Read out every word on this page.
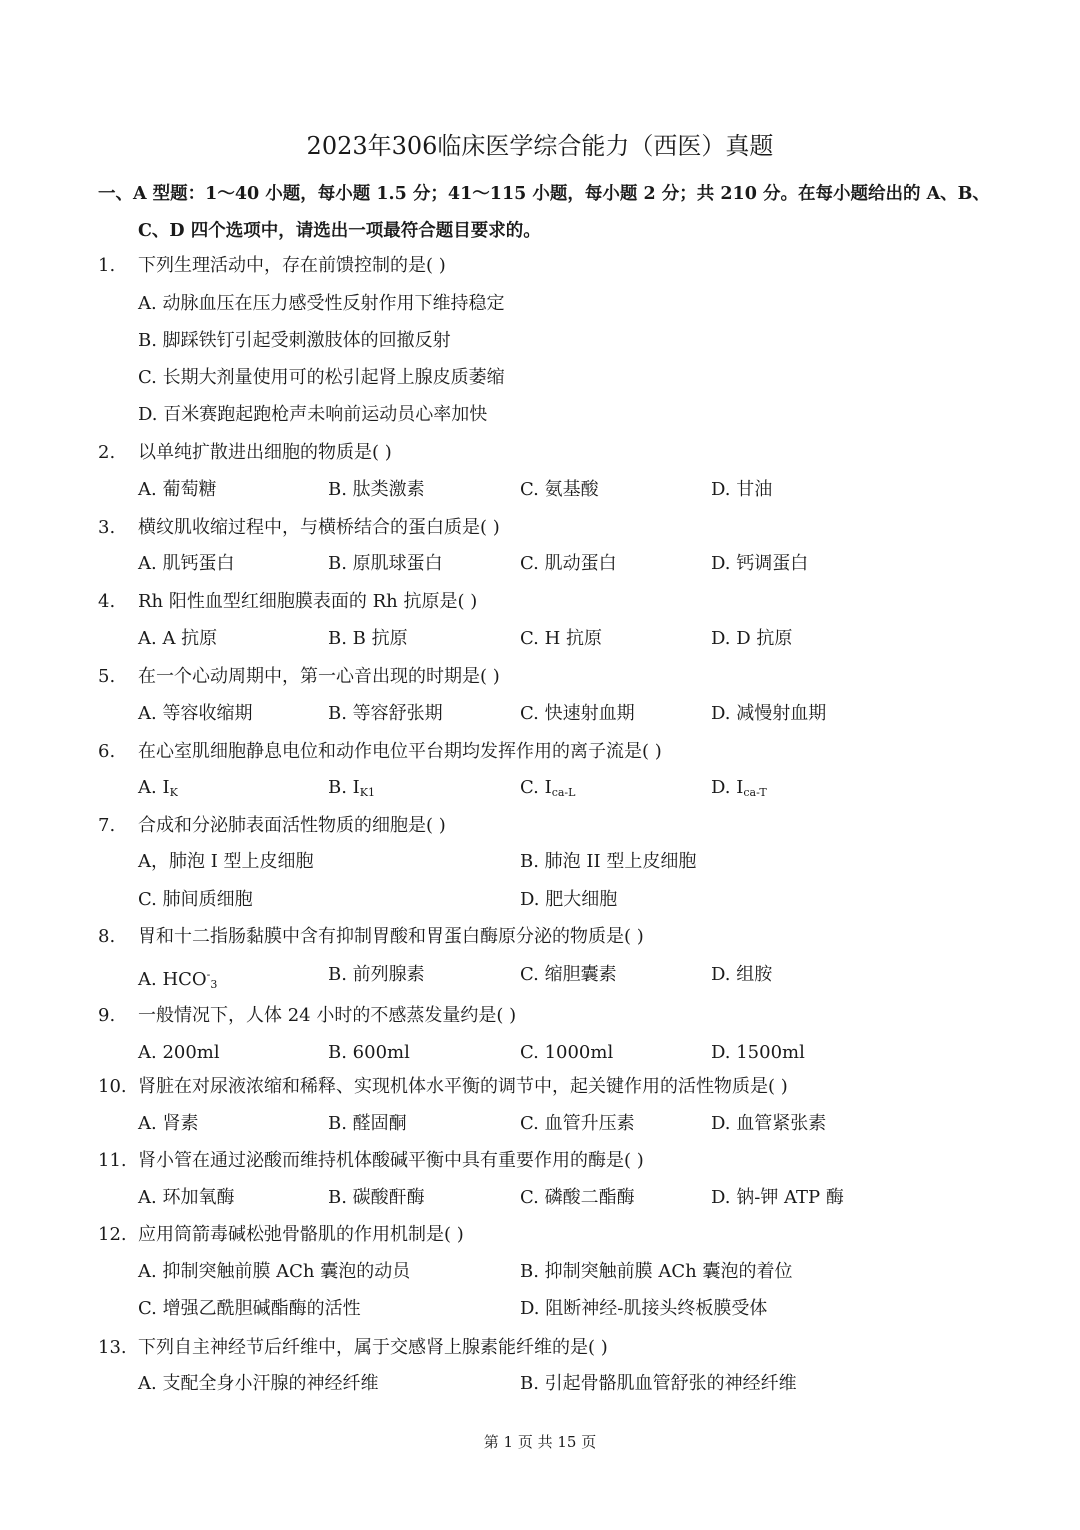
2023年306临床医学综合能力（西医）真题
一、A 型题：1～40 小题，每小题 1.5 分；41～115 小题，每小题 2 分；共 210 分。在每小题给出的 A、B、
C、D 四个选项中，请选出一项最符合题目要求的。
1.	下列生理活动中，存在前馈控制的是( )
A. 动脉血压在压力感受性反射作用下维持稳定
B. 脚踩铁钉引起受刺激肢体的回撤反射
C. 长期大剂量使用可的松引起肾上腺皮质萎缩
D. 百米赛跑起跑枪声未响前运动员心率加快
2.	以单纯扩散进出细胞的物质是( )
A. 葡萄糖	B. 肽类激素	C. 氨基酸	D. 甘油
3.	横纹肌收缩过程中，与横桥结合的蛋白质是( )
A. 肌钙蛋白	B. 原肌球蛋白	C. 肌动蛋白	D. 钙调蛋白
4.	Rh 阳性血型红细胞膜表面的 Rh 抗原是( )
A. A 抗原	B. B 抗原	C. H 抗原	D. D 抗原
5.	在一个心动周期中，第一心音出现的时期是( )
A. 等容收缩期	B. 等容舒张期	C. 快速射血期	D. 减慢射血期
6.	在心室肌细胞静息电位和动作电位平台期均发挥作用的离子流是( )
A. $I_K$	B. $I_{K1}$	C. $I_{ca-L}$	D. $I_{ca-T}$
7.	合成和分泌肺表面活性物质的细胞是( )
A，肺泡 I 型上皮细胞	B. 肺泡 II 型上皮细胞
C. 肺间质细胞	D. 肥大细胞
8.	胃和十二指肠黏膜中含有抑制胃酸和胃蛋白酶原分泌的物质是( )
A. $HCO^-_3$	B. 前列腺素	C. 缩胆囊素	D. 组胺
9.	一般情况下，人体 24 小时的不感蒸发量约是( )
A. 200ml	B. 600ml	C. 1000ml	D. 1500ml
10. 肾脏在对尿液浓缩和稀释、实现机体水平衡的调节中，起关键作用的活性物质是( )
A. 肾素	B. 醛固酮	C. 血管升压素	D. 血管紧张素
11. 肾小管在通过泌酸而维持机体酸碱平衡中具有重要作用的酶是( )
A. 环加氧酶	B. 碳酸酐酶	C. 磷酸二酯酶	D. 钠-钾 ATP 酶
12. 应用筒箭毒碱松弛骨骼肌的作用机制是( )
A. 抑制突触前膜 ACh 囊泡的动员	B. 抑制突触前膜 ACh 囊泡的着位
C. 增强乙酰胆碱酯酶的活性	D. 阻断神经-肌接头终板膜受体
13. 下列自主神经节后纤维中，属于交感肾上腺素能纤维的是( )
A. 支配全身小汗腺的神经纤维	B. 引起骨骼肌血管舒张的神经纤维
第 1 页 共 15 页
